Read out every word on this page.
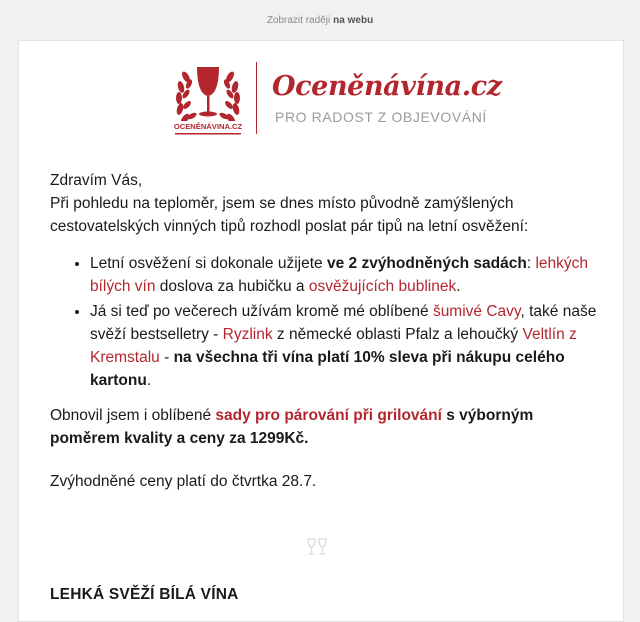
Zobrazit raději na webu
OCENĚNÁVINA.CZ
Oceněnávína.cz
PRO RADOST Z OBJEVOVÁNÍ

Zdravím Vás,

Při pohledu na teploměr, jsem se dnes místo původně zamýšlených cestovatelských vinných tipů rozhodl poslat pár tipů na letní osvěžení:

• Letní osvěžení si dokonale užijete ve 2 zvýhodněných sadách: lehkých bílých vín doslova za hubičku a osvěžujících bublinek.
• Já si teď po večerech užívám kromě mé oblíbené šumivé Cavy, také naše svěží bestselletry - Ryzlink z německé oblasti Pfalz a lehoučký Veltlín z Kremstalu - na všechna tři vína platí 10% sleva při nákupu celého kartonu.

Obnovil jsem i oblíbené sady pro párování při grilování s výborným poměrem kvality a ceny za 1299Kč.

Zvýhodněné ceny platí do čtvrtka 28.7.

LEHKÁ SVĚŽÍ BÍLÁ VÍNA
